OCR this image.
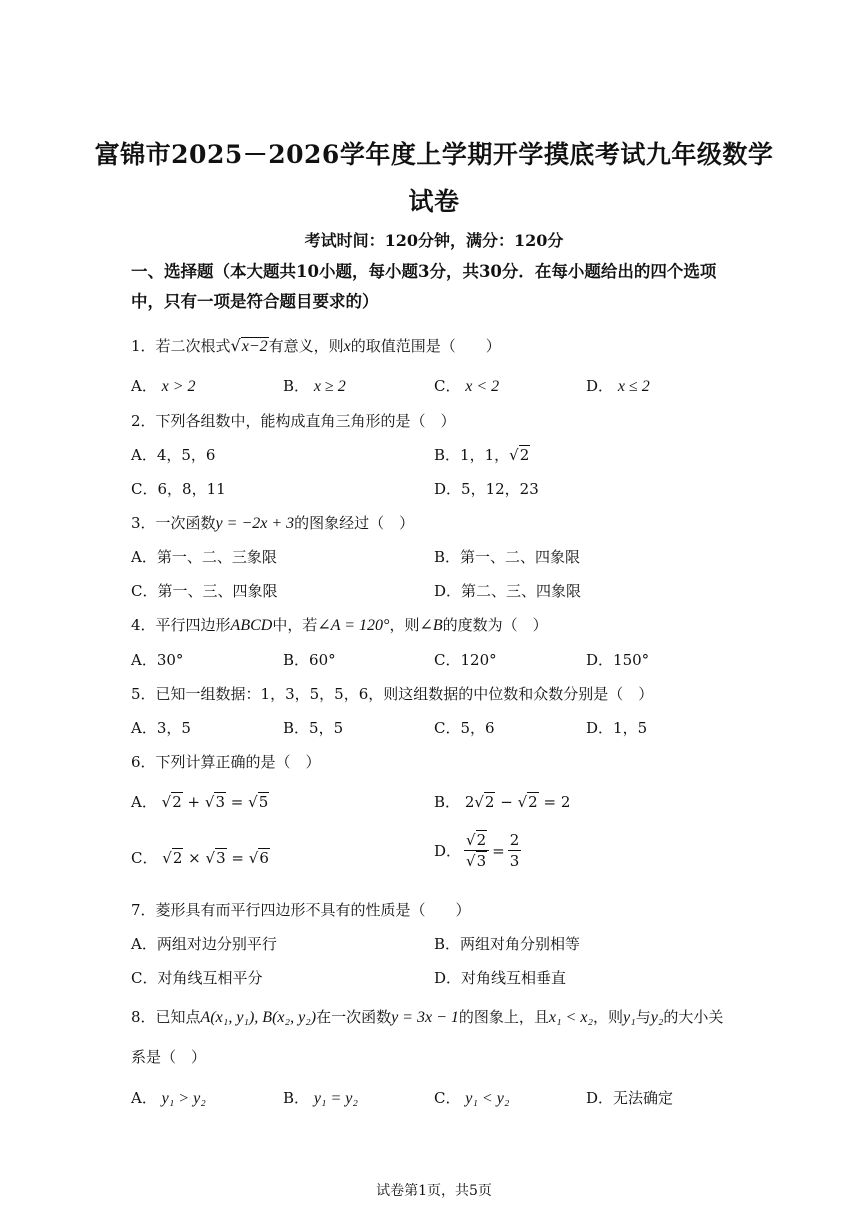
富锦市2025－2026学年度上学期开学摸底考试九年级数学
试卷
考试时间：120分钟，满分：120分
一、选择题（本大题共10小题，每小题3分，共30分．在每小题给出的四个选项中，只有一项是符合题目要求的）
1．若二次根式√x−2有意义，则x的取值范围是（　　）
A． x > 2	B． x ≥ 2	C． x < 2	D． x ≤ 2
2．下列各组数中，能构成直角三角形的是（　）
A．4，5，6	B．1，1，√2
C．6，8，11	D．5，12，23
3．一次函数y = −2x + 3的图象经过（　）
A．第一、二、三象限	B．第一、二、四象限
C．第一、三、四象限	D．第二、三、四象限
4．平行四边形ABCD中，若∠A = 120°，则∠B的度数为（　）
A．30°	B．60°	C．120°	D．150°
5．已知一组数据：1，3，5，5，6，则这组数据的中位数和众数分别是（　）
A．3，5	B．5，5	C．5，6	D．1，5
6．下列计算正确的是（　）
A． √2 + √3 = √5	B． 2√2 − √2 = 2
C． √2 × √3 = √6	D． $\frac{√2}{√3} = \frac{2}{3}$
7．菱形具有而平行四边形不具有的性质是（　　）
A．两组对边分别平行	B．两组对角分别相等
C．对角线互相平分	D．对角线互相垂直
8．已知点A(x₁, y₁), B(x₂, y₂)在一次函数y = 3x − 1的图象上，且x₁ < x₂，则y₁与y₂的大小关
系是（　）
A． y₁ > y₂	B． y₁ = y₂	C． y₁ < y₂	D．无法确定
试卷第1页，共5页
